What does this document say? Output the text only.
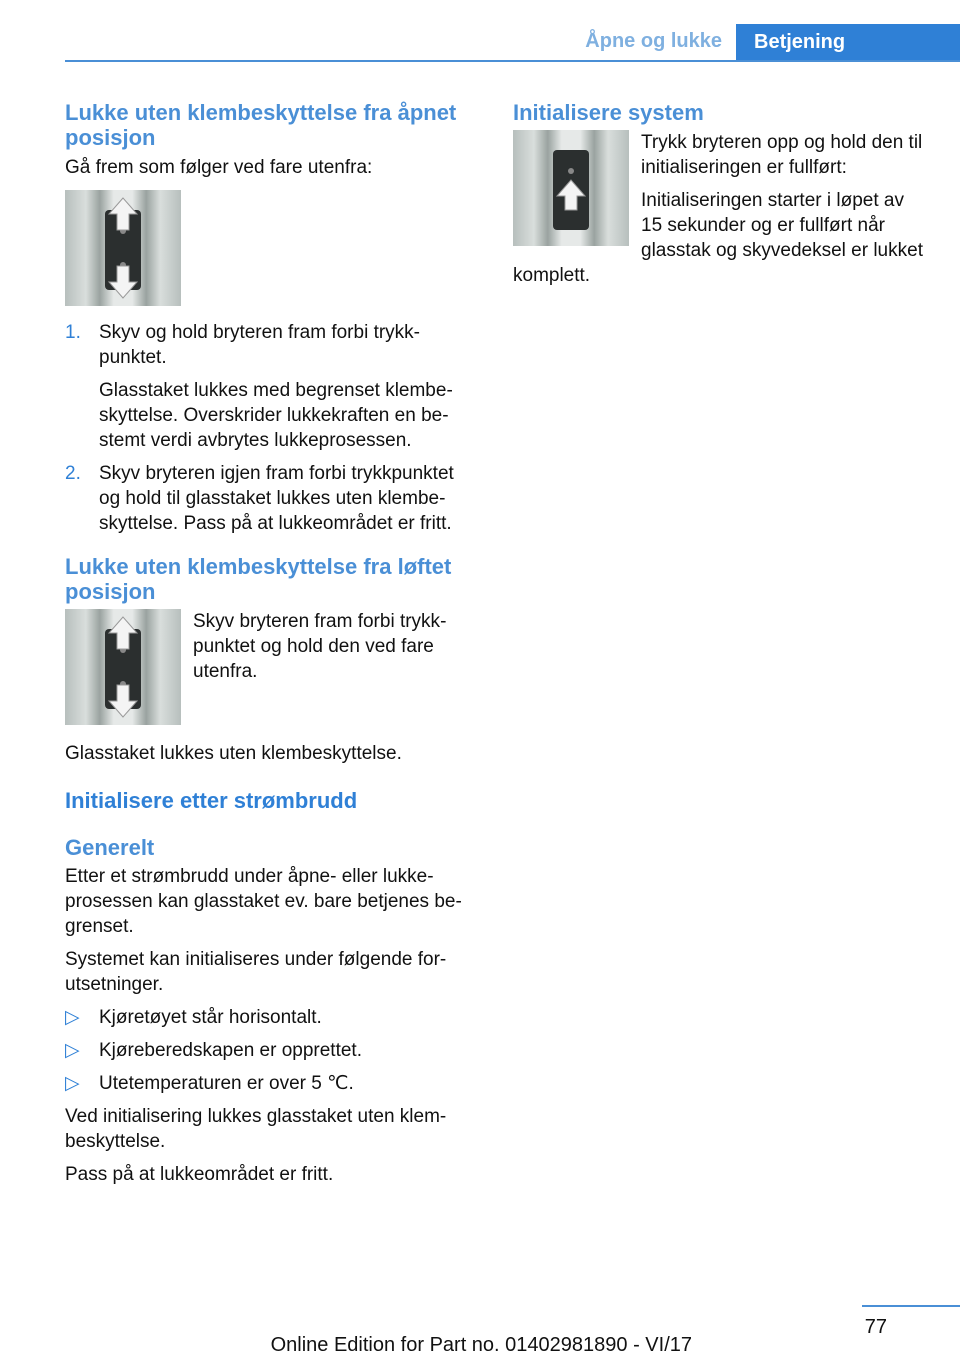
Åpne og lukke	Betjening
Lukke uten klembeskyttelse fra åpnet posisjon

Gå frem som følger ved fare utenfra:

1. Skyv og hold bryteren fram forbi trykkpunktet.

Glasstaket lukkes med begrenset klembeskyttelse. Overskrider lukkekraften en bestemt verdi avbrytes lukkeprosessen.

2. Skyv bryteren igjen fram forbi trykkpunktet og hold til glasstaket lukkes uten klembeskyttelse. Pass på at lukkeområdet er fritt.

Lukke uten klembeskyttelse fra løftet posisjon

Skyv bryteren fram forbi trykkpunktet og hold den ved fare utenfra.

Glasstaket lukkes uten klembeskyttelse.

Initialisere etter strømbrudd
Generelt

Etter et strømbrudd under åpne- eller lukkeprosessen kan glasstaket ev. bare betjenes begrenset.

Systemet kan initialiseres under følgende forutsetninger.

▷ Kjøretøyet står horisontalt.
▷ Kjøreberedskapen er opprettet.
▷ Utetemperaturen er over 5 ℃.

Ved initialisering lukkes glasstaket uten klembeskyttelse.

Pass på at lukkeområdet er fritt.

Initialisere system

Trykk bryteren opp og hold den til initialiseringen er fullført:

Initialiseringen starter i løpet av 15 sekunder og er fullført når glasstak og skyvedeksel er lukket komplett.

77
Online Edition for Part no. 01402981890 - VI/17
